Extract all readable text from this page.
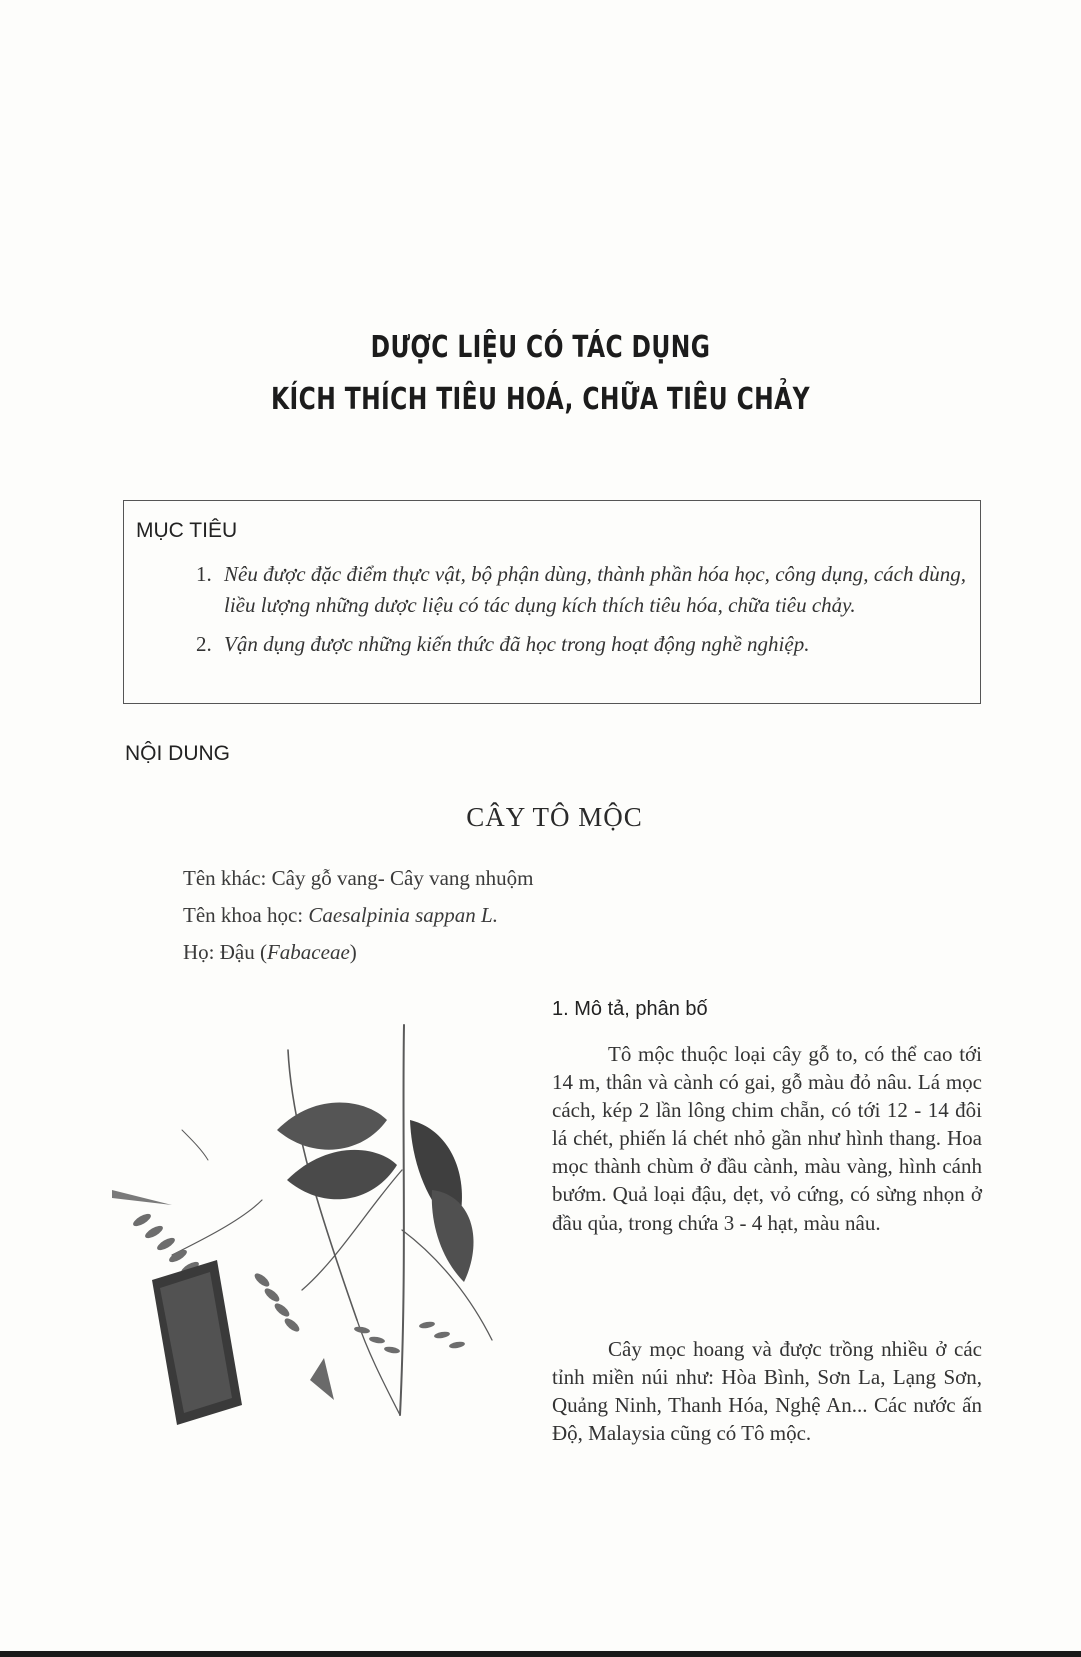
DƯỢC LIỆU CÓ TÁC DỤNG
KÍCH THÍCH TIÊU HOÁ, CHỮA TIÊU CHẢY
MỤC TIÊU
1. Nêu được đặc điểm thực vật, bộ phận dùng, thành phần hóa học, công dụng, cách dùng, liều lượng những dược liệu có tác dụng kích thích tiêu hóa, chữa tiêu chảy.
2. Vận dụng được những kiến thức đã học trong hoạt động nghề nghiệp.
NỘI DUNG
CÂY TÔ MỘC

Tên khác: Cây gỗ vang- Cây vang nhuộm

Tên khoa học: Caesalpinia sappan L.

Họ: Đậu (Fabaceae)

1. Mô tả, phân bố

Tô mộc thuộc loại cây gỗ to, có thể cao tới 14 m, thân và cành có gai, gỗ màu đỏ nâu. Lá mọc cách, kép 2 lần lông chim chẵn, có tới 12 - 14 đôi lá chét, phiến lá chét nhỏ gần như hình thang. Hoa mọc thành chùm ở đầu cành, màu vàng, hình cánh bướm. Quả loại đậu, dẹt, vỏ cứng, có sừng nhọn ở đầu qủa, trong chứa 3 - 4 hạt, màu nâu.

Cây mọc hoang và được trồng nhiều ở các tỉnh miền núi như: Hòa Bình, Sơn La, Lạng Sơn, Quảng Ninh, Thanh Hóa, Nghệ An... Các nước ấn Độ, Malaysia cũng có Tô mộc.
